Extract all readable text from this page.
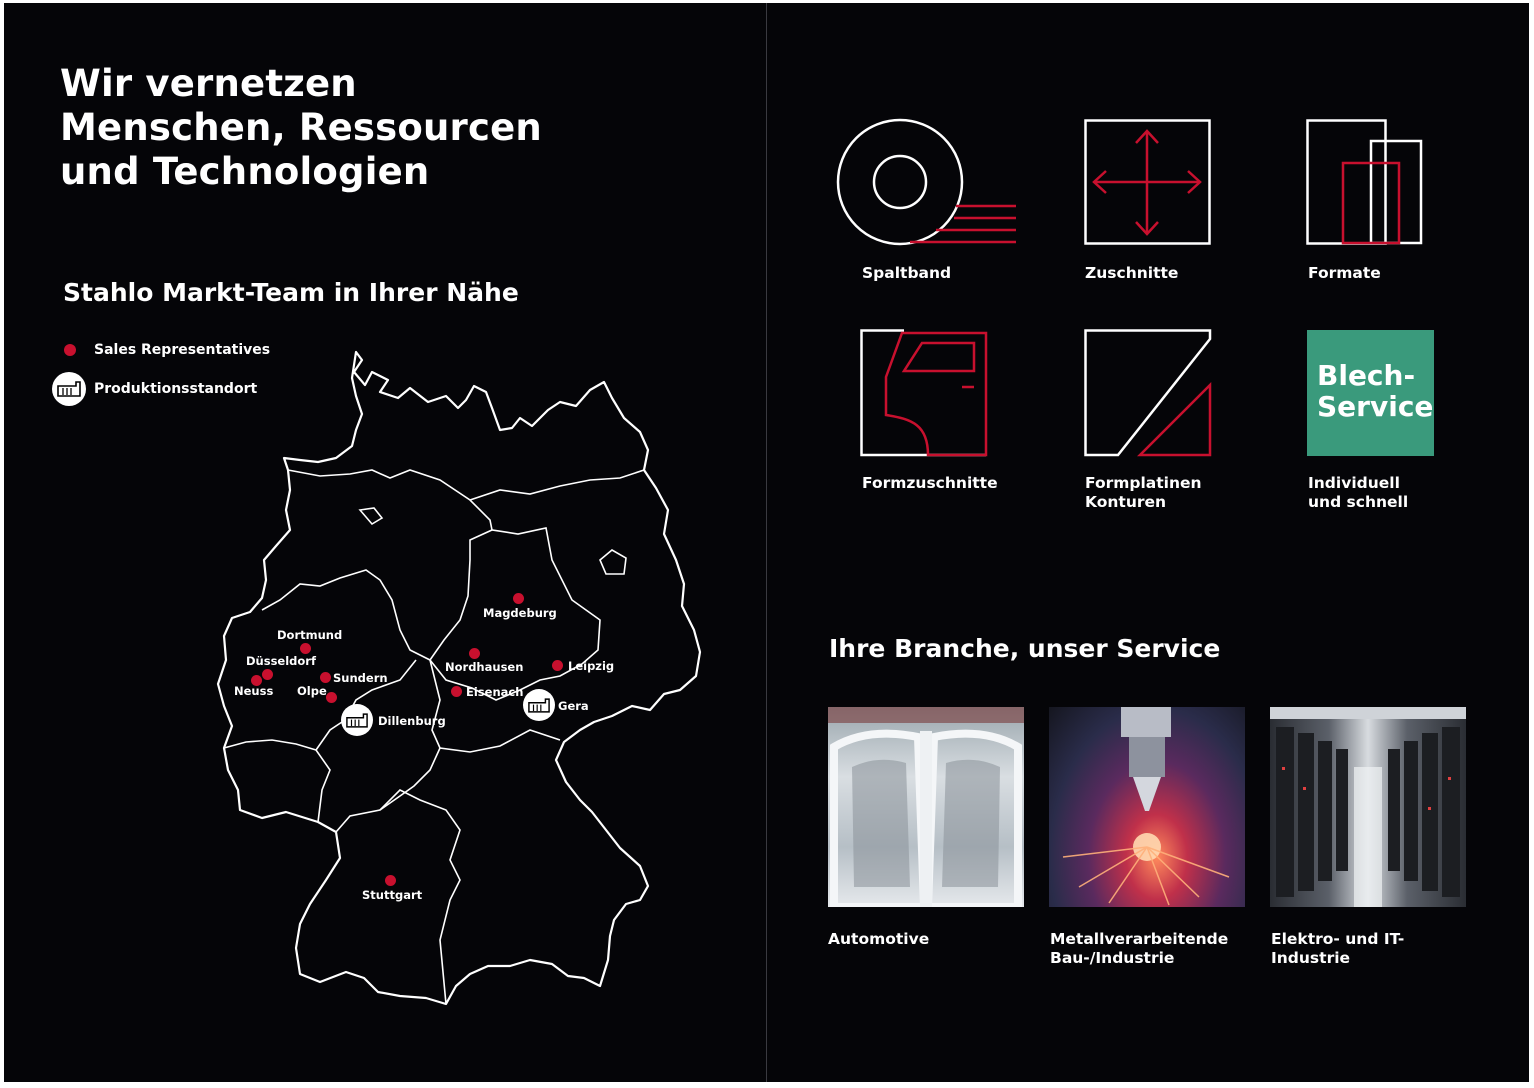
Wir vernetzen
Menschen, Ressourcen
und Technologien
Stahlo Markt-Team in Ihrer Nähe
Sales Representatives
Produktionsstandort
Magdeburg
Dortmund
Düsseldorf
Neuss
Sundern
Olpe
Dillenburg
Nordhausen
Eisenach
Leipzig
Gera
Stuttgart
Spaltband	Zuschnitte	Formate
Formzuschnitte	Formplatinen
Konturen
Blech-
Service
Individuell
und schnell
Ihre Branche, unser Service
Automotive	Metallverarbeitende
Bau-/Industrie
Elektro- und IT-
Industrie
